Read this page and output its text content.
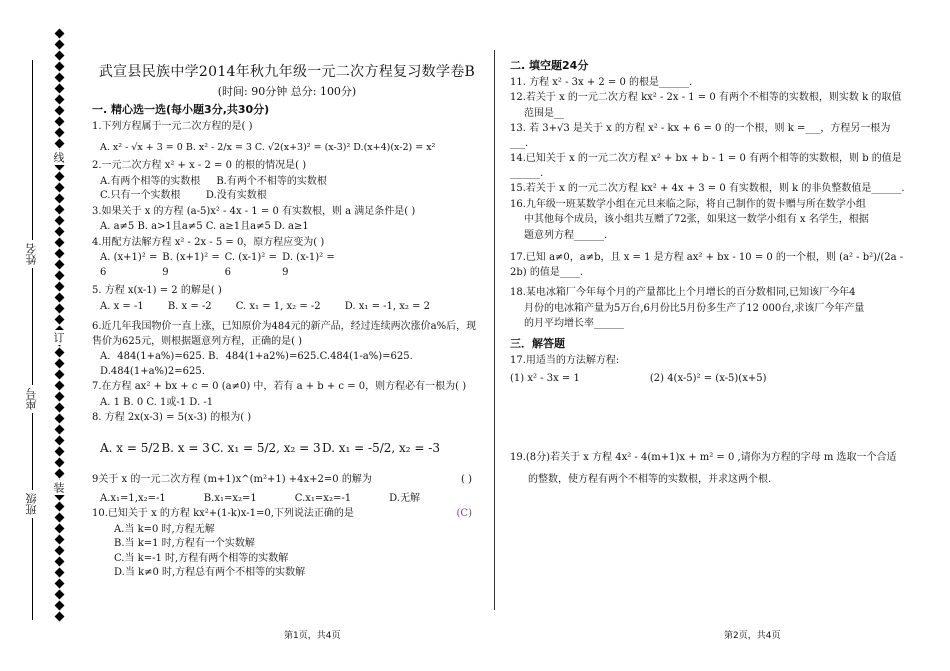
姓名
座号
班级
线
订
装
武宣县民族中学2014年秋九年级一元二次方程复习数学卷B
(时间: 90分钟 总分: 100分)
一. 精心选一选(每小题3分,共30分)
1.下列方程属于一元二次方程的是( )
A. x² - √x + 3 = 0 B. x² - 2/x = 3 C. √2(x+3)² = (x-3)² D.(x+4)(x-2) = x²
2.一元二次方程 x² + x - 2 = 0 的根的情况是( )
A.有两个相等的实数根 B.有两个不相等的实数根
C.只有一个实数根	D.没有实数根
3.如果关于 x 的方程 (a-5)x² - 4x - 1 = 0 有实数根，则 a 满足条件是( )
A. a≠5 B. a>1且a≠5 C. a≥1且a≠5 D. a≥1
4.用配方法解方程 x² - 2x - 5 = 0，原方程应变为( )
A. (x+1)² = 6
B. (x+1)² = 9
C. (x-1)² = 6
D. (x-1)² = 9
5. 方程 x(x-1) = 2 的解是( )
A. x = -1 B. x = -2 C. x₁ = 1, x₂ = -2 D. x₁ = -1, x₂ = 2
6.近几年我国物价一直上涨，已知原价为484元的新产品，经过连续两次涨价a%后，现售价为625元，则根据题意列方程，正确的是( )
A．484(1+a%)=625. B．484(1+a2%)=625.C.484(1-a%)=625. D.484(1+a%)2=625.
7.在方程 ax² + bx + c = 0 (a≠0) 中，若有 a + b + c = 0，则方程必有一根为( )
A. 1 B. 0 C. 1或-1 D. -1
8. 方程 2x(x-3) = 5(x-3) 的根为( )
A. x = 5/2 B. x = 3 C. x₁ = 5/2, x₂ = 3 D. x₁ = -5/2, x₂ = -3
9关于 x 的一元二次方程 (m+1)x^(m²+1) +4x+2=0 的解为	( )
A.x₁=1,x₂=-1	B.x₁=x₂=1	C.x₁=x₂=-1	D.无解
10.已知关于 x 的方程 kx²+(1-k)x-1=0,下列说法正确的是	(C)
A.当 k=0 时,方程无解
B.当 k=1 时,方程有一个实数解
C.当 k=-1 时,方程有两个相等的实数解
D.当 k≠0 时,方程总有两个不相等的实数解
二. 填空题24分
11. 方程 x² - 3x + 2 = 0 的根是______.
12.若关于 x 的一元二次方程 kx² - 2x - 1 = 0 有两个不相等的实数根，则实数 k 的取值
范围是__
13. 若 3+√3 是关于 x 的方程 x² - kx + 6 = 0 的一个根，则 k =___，方程另一根为___.
14.已知关于 x 的一元二次方程 x² + bx + b - 1 = 0 有两个相等的实数根，则 b 的值是______.
15.若关于 x 的一元二次方程 kx² + 4x + 3 = 0 有实数根，则 k 的非负整数值是______.
16.九年级一班某数学小组在元旦来临之际，将自己制作的贺卡赠与所在数学小组
中其他每个成员，该小组共互赠了72张，如果这一数学小组有 x 名学生，根据
题意列方程______.
17.已知 a≠0，a≠b，且 x = 1 是方程 ax² + bx - 10 = 0 的一个根，则 (a² - b²)/(2a - 2b) 的值是____.
18.某电冰箱厂今年每个月的产量都比上个月增长的百分数相同,已知该厂今年4
月份的电冰箱产量为5万台,6月份比5月份多生产了12 000台,求该厂今年产量
的月平均增长率______
三．解答题
17.用适当的方法解方程:
(1) x² - 3x = 1	(2) 4(x-5)² = (x-5)(x+5)
19.(8分)若关于 x 方程 4x² - 4(m+1)x + m² = 0 ,请你为方程的字母 m 选取一个合适
的整数，使方程有两个不相等的实数根，并求这两个根.
第1页，共4页	第2页，共4页
